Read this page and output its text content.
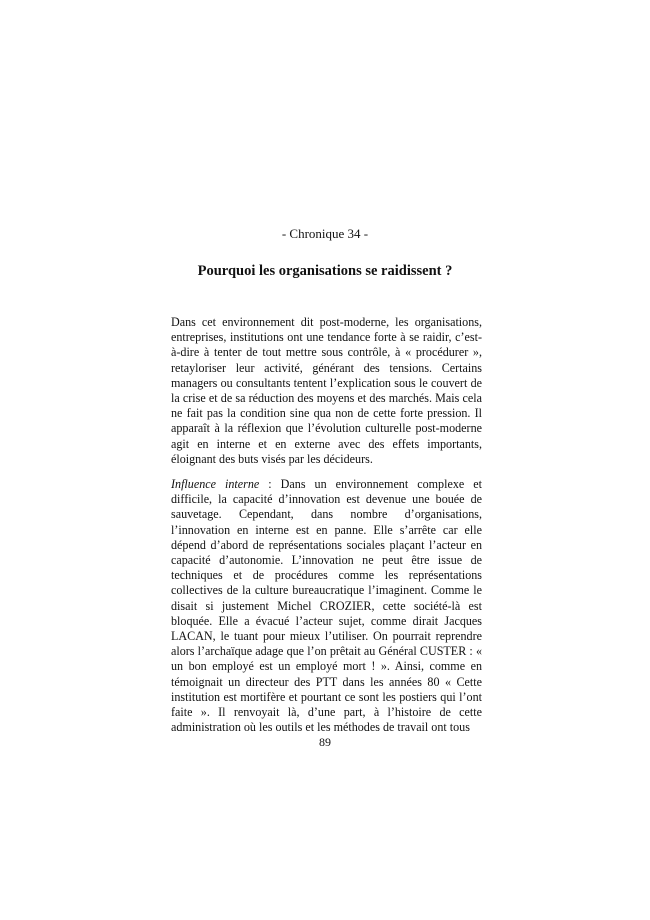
- Chronique 34 -
Pourquoi les organisations se raidissent ?

Dans cet environnement dit post-moderne, les organisations, entreprises, institutions ont une tendance forte à se raidir, c’est-à-dire à tenter de tout mettre sous contrôle, à « procédurer », retayloriser leur activité, générant des tensions. Certains managers ou consultants tentent l’explication sous le couvert de la crise et de sa réduction des moyens et des marchés. Mais cela ne fait pas la condition sine qua non de cette forte pression. Il apparaît à la réflexion que l’évolution culturelle post-moderne agit en interne et en externe avec des effets importants, éloignant des buts visés par les décideurs.

Influence interne : Dans un environnement complexe et difficile, la capacité d’innovation est devenue une bouée de sauvetage. Cependant, dans nombre d’organisations, l’innovation en interne est en panne. Elle s’arrête car elle dépend d’abord de représentations sociales plaçant l’acteur en capacité d’autonomie. L’innovation ne peut être issue de techniques et de procédures comme les représentations collectives de la culture bureaucratique l’imaginent. Comme le disait si justement Michel CROZIER, cette société-là est bloquée. Elle a évacué l’acteur sujet, comme dirait Jacques LACAN, le tuant pour mieux l’utiliser. On pourrait reprendre alors l’archaïque adage que l’on prêtait au Général CUSTER : « un bon employé est un employé mort ! ». Ainsi, comme en témoignait un directeur des PTT dans les années 80 « Cette institution est mortifère et pourtant ce sont les postiers qui l’ont faite ». Il renvoyait là, d’une part, à l’histoire de cette administration où les outils et les méthodes de travail ont tous

89
